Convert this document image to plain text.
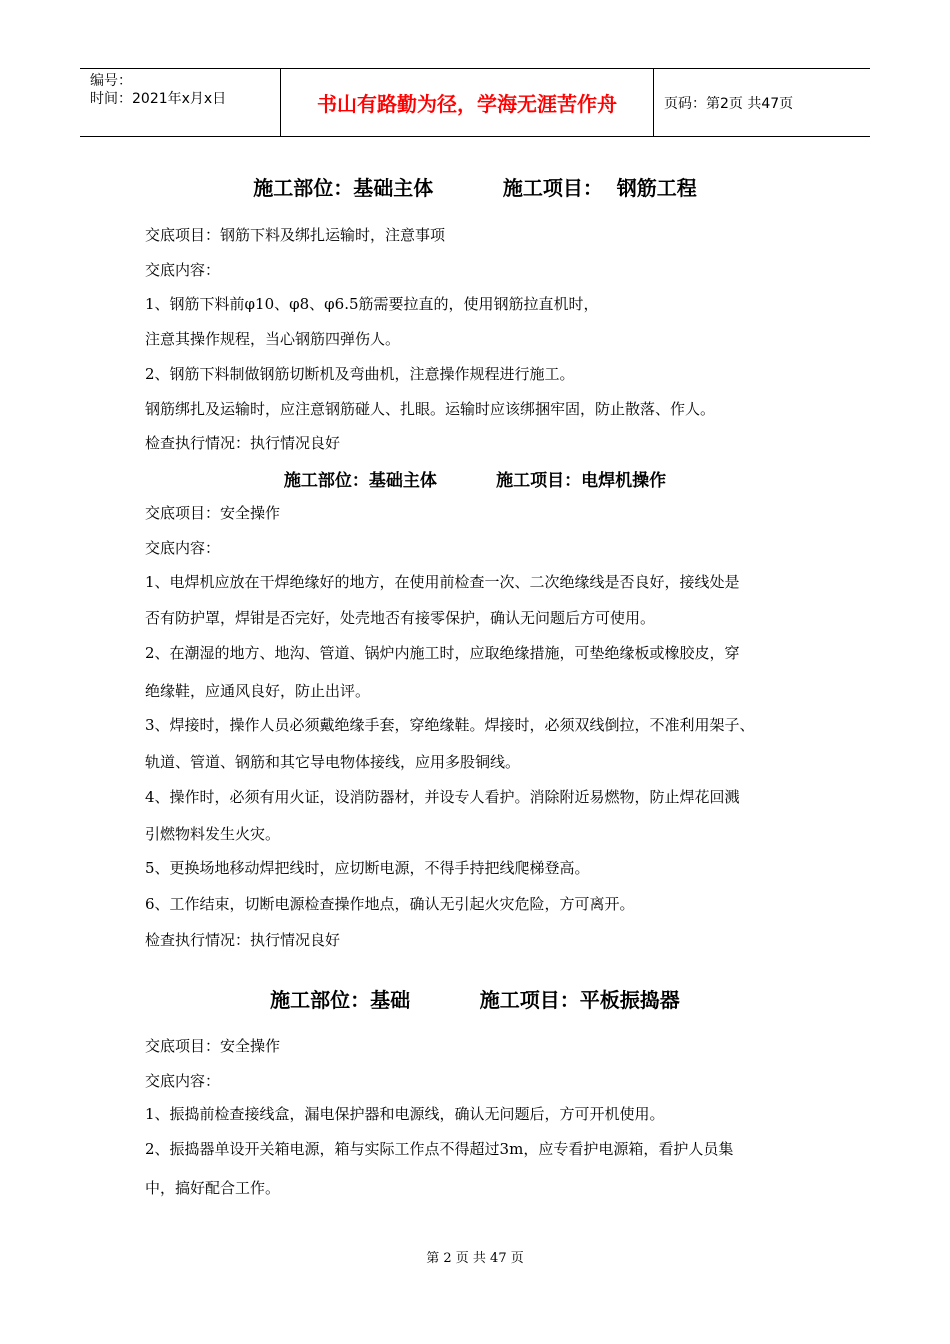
编号：
时间：2021年x月x日	书山有路勤为径，学海无涯苦作舟	页码：第2页 共47页
施工部位：基础主体          施工项目：  钢筋工程
交底项目：钢筋下料及绑扎运输时，注意事项
交底内容：
1、钢筋下料前φ10、φ8、φ6.5筋需要拉直的，使用钢筋拉直机时，
注意其操作规程，当心钢筋四弹伤人。
2、钢筋下料制做钢筋切断机及弯曲机，注意操作规程进行施工。
钢筋绑扎及运输时，应注意钢筋碰人、扎眼。运输时应该绑捆牢固，防止散落、作人。
检查执行情况：执行情况良好
施工部位：基础主体          施工项目：电焊机操作
交底项目：安全操作
交底内容：
1、电焊机应放在干焊绝缘好的地方，在使用前检查一次、二次绝缘线是否良好，接线处是
否有防护罩，焊钳是否完好，处壳地否有接零保护，确认无问题后方可使用。
2、在潮湿的地方、地沟、管道、锅炉内施工时，应取绝缘措施，可垫绝缘板或橡胶皮，穿
绝缘鞋，应通风良好，防止出评。
3、焊接时，操作人员必须戴绝缘手套，穿绝缘鞋。焊接时，必须双线倒拉，不准利用架子、
轨道、管道、钢筋和其它导电物体接线，应用多股铜线。
4、操作时，必须有用火证，设消防器材，并设专人看护。消除附近易燃物，防止焊花回溅
引燃物料发生火灾。
5、更换场地移动焊把线时，应切断电源，不得手持把线爬梯登高。
6、工作结束，切断电源检查操作地点，确认无引起火灾危险，方可离开。
检查执行情况：执行情况良好
施工部位：基础          施工项目：平板振捣器
交底项目：安全操作
交底内容：
1、振捣前检查接线盒，漏电保护器和电源线，确认无问题后，方可开机使用。
2、振捣器单设开关箱电源，箱与实际工作点不得超过3m，应专看护电源箱，看护人员集
中，搞好配合工作。
第 2 页 共 47 页
